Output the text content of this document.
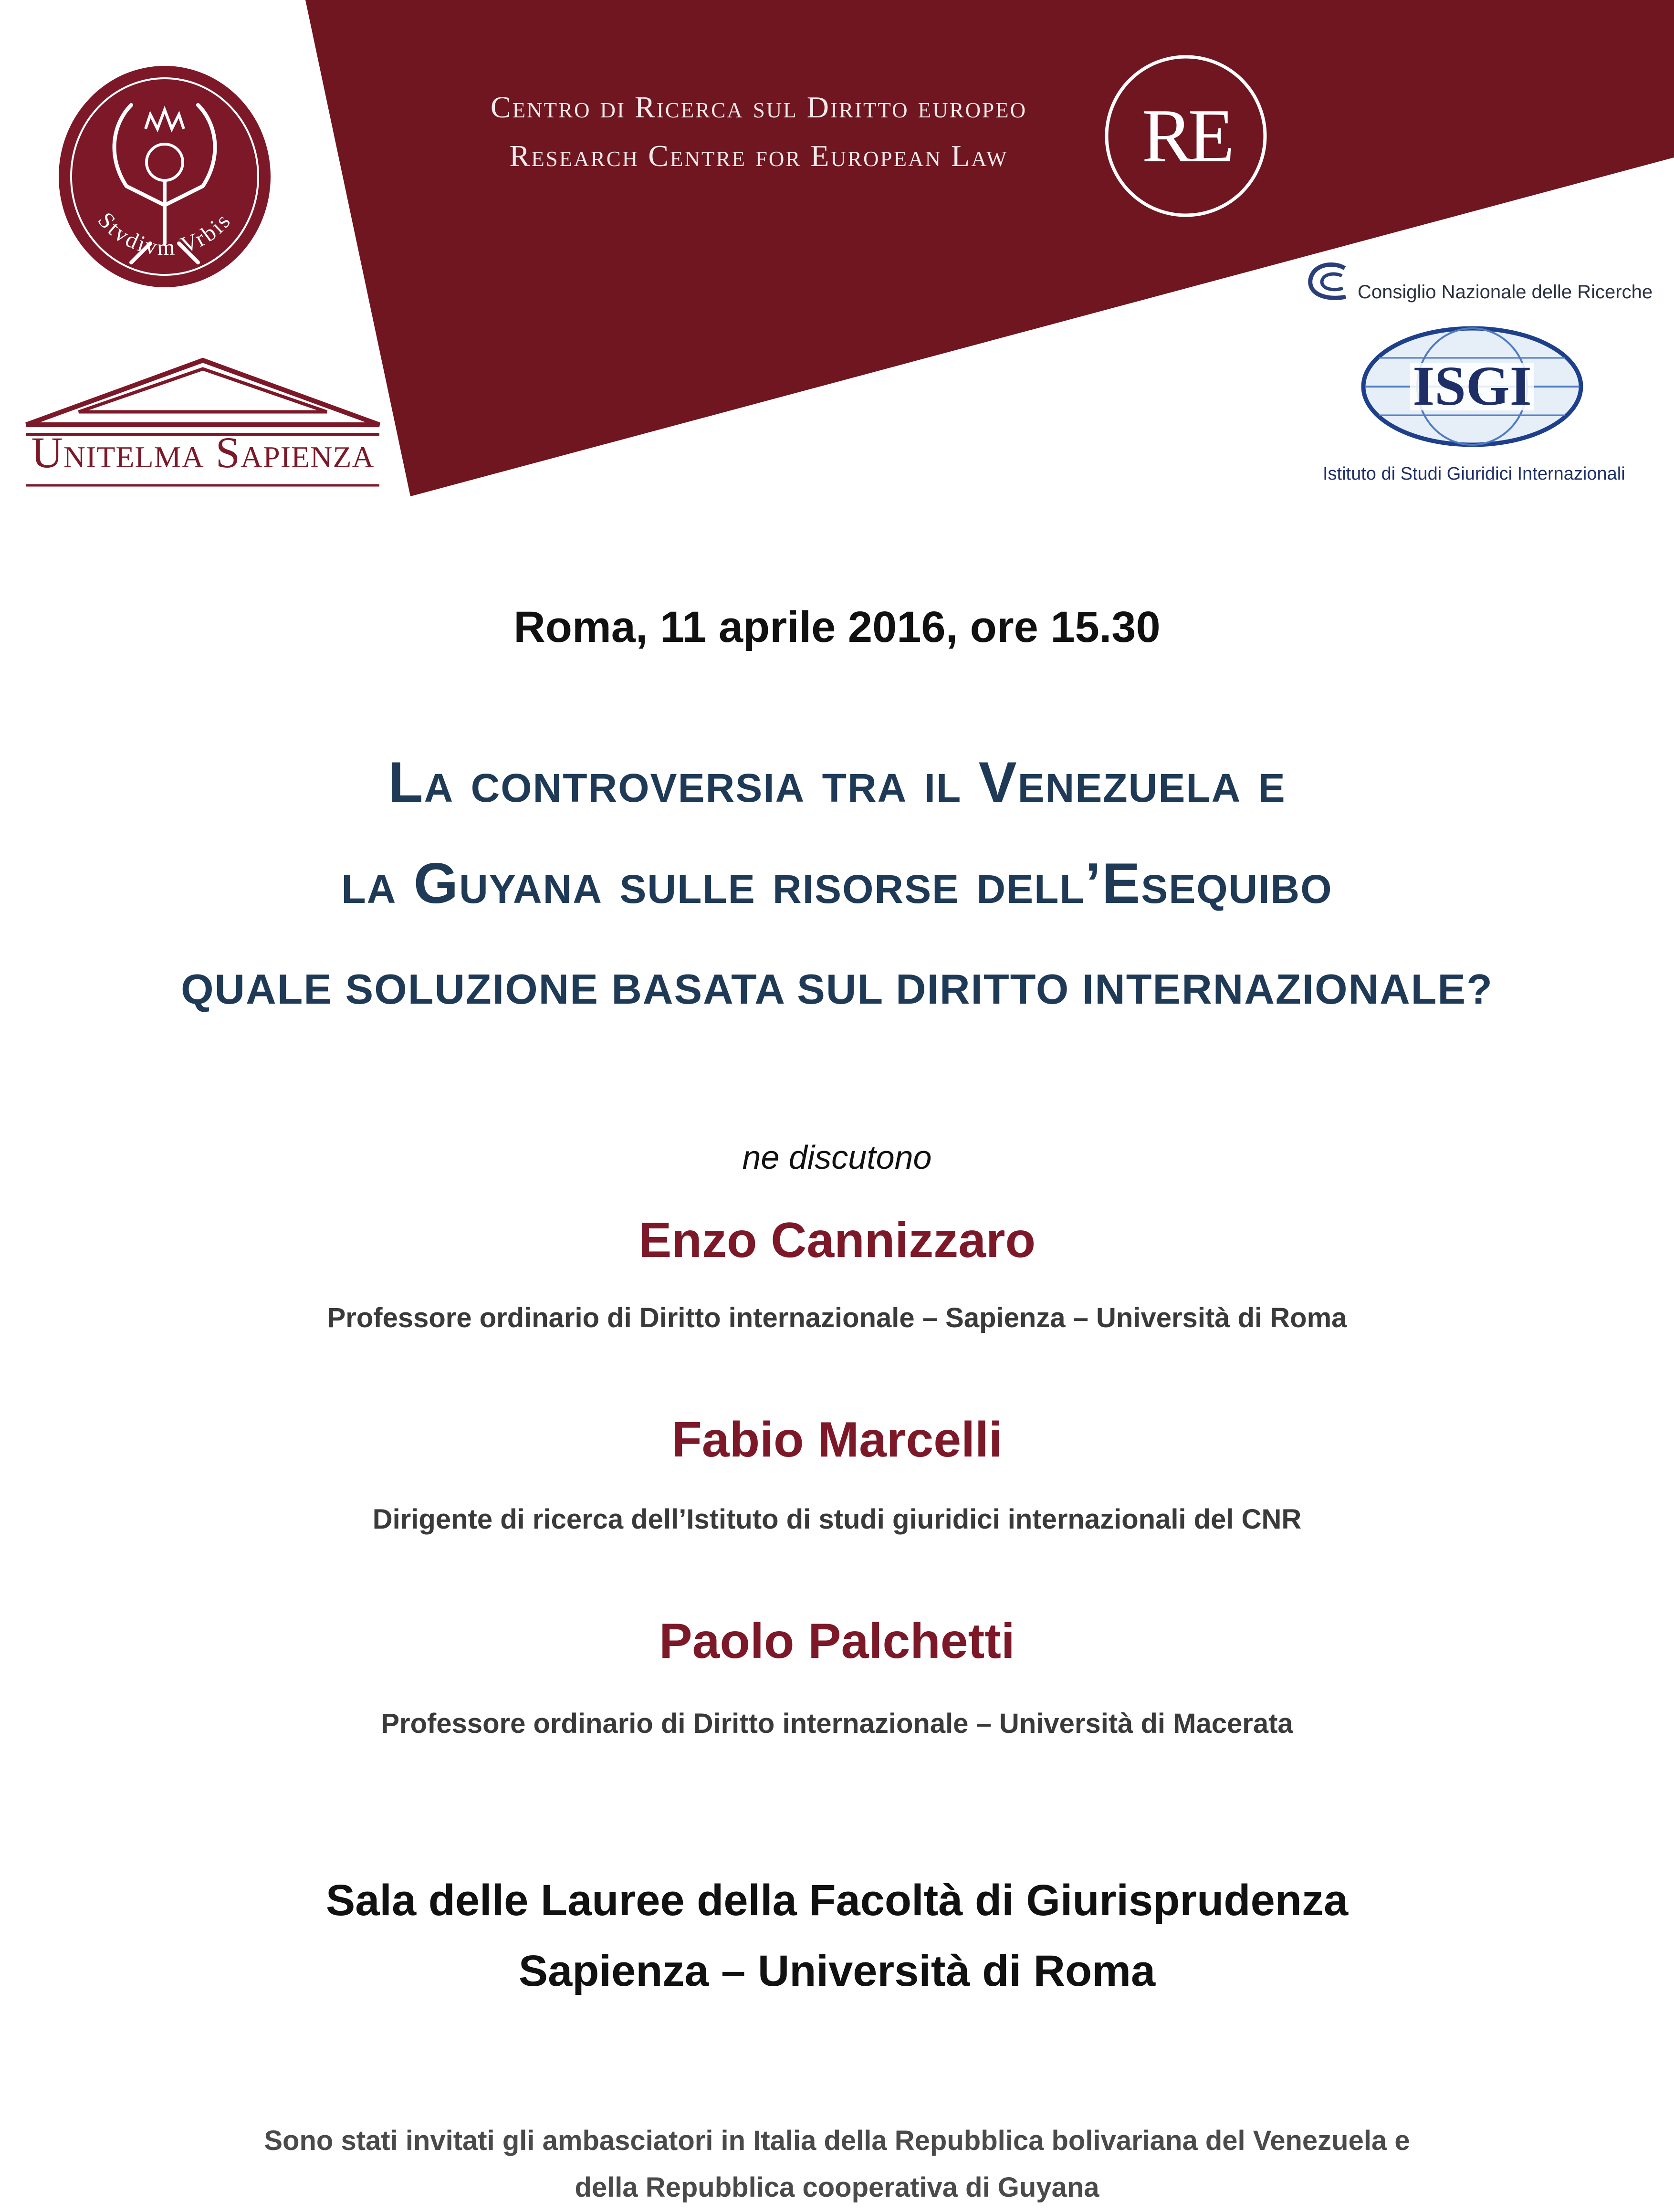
Centro di Ricerca sul Diritto europeo
Research Centre for European Law
Stvdivm Vrbis
RE
Unitelma Sapienza
Consiglio Nazionale delle Ricerche
ISGI
Istituto di Studi Giuridici Internazionali
Roma, 11 aprile 2016, ore 15.30
La controversia tra il Venezuela e
la Guyana sulle risorse dell’Esequibo
QUALE SOLUZIONE BASATA SUL DIRITTO INTERNAZIONALE?
ne discutono
Enzo Cannizzaro
Professore ordinario di Diritto internazionale – Sapienza – Università di Roma
Fabio Marcelli
Dirigente di ricerca dell’Istituto di studi giuridici internazionali del CNR
Paolo Palchetti
Professore ordinario di Diritto internazionale – Università di Macerata
Sala delle Lauree della Facoltà di Giurisprudenza
Sapienza – Università di Roma
Sono stati invitati gli ambasciatori in Italia della Repubblica bolivariana del Venezuela e
della Repubblica cooperativa di Guyana
